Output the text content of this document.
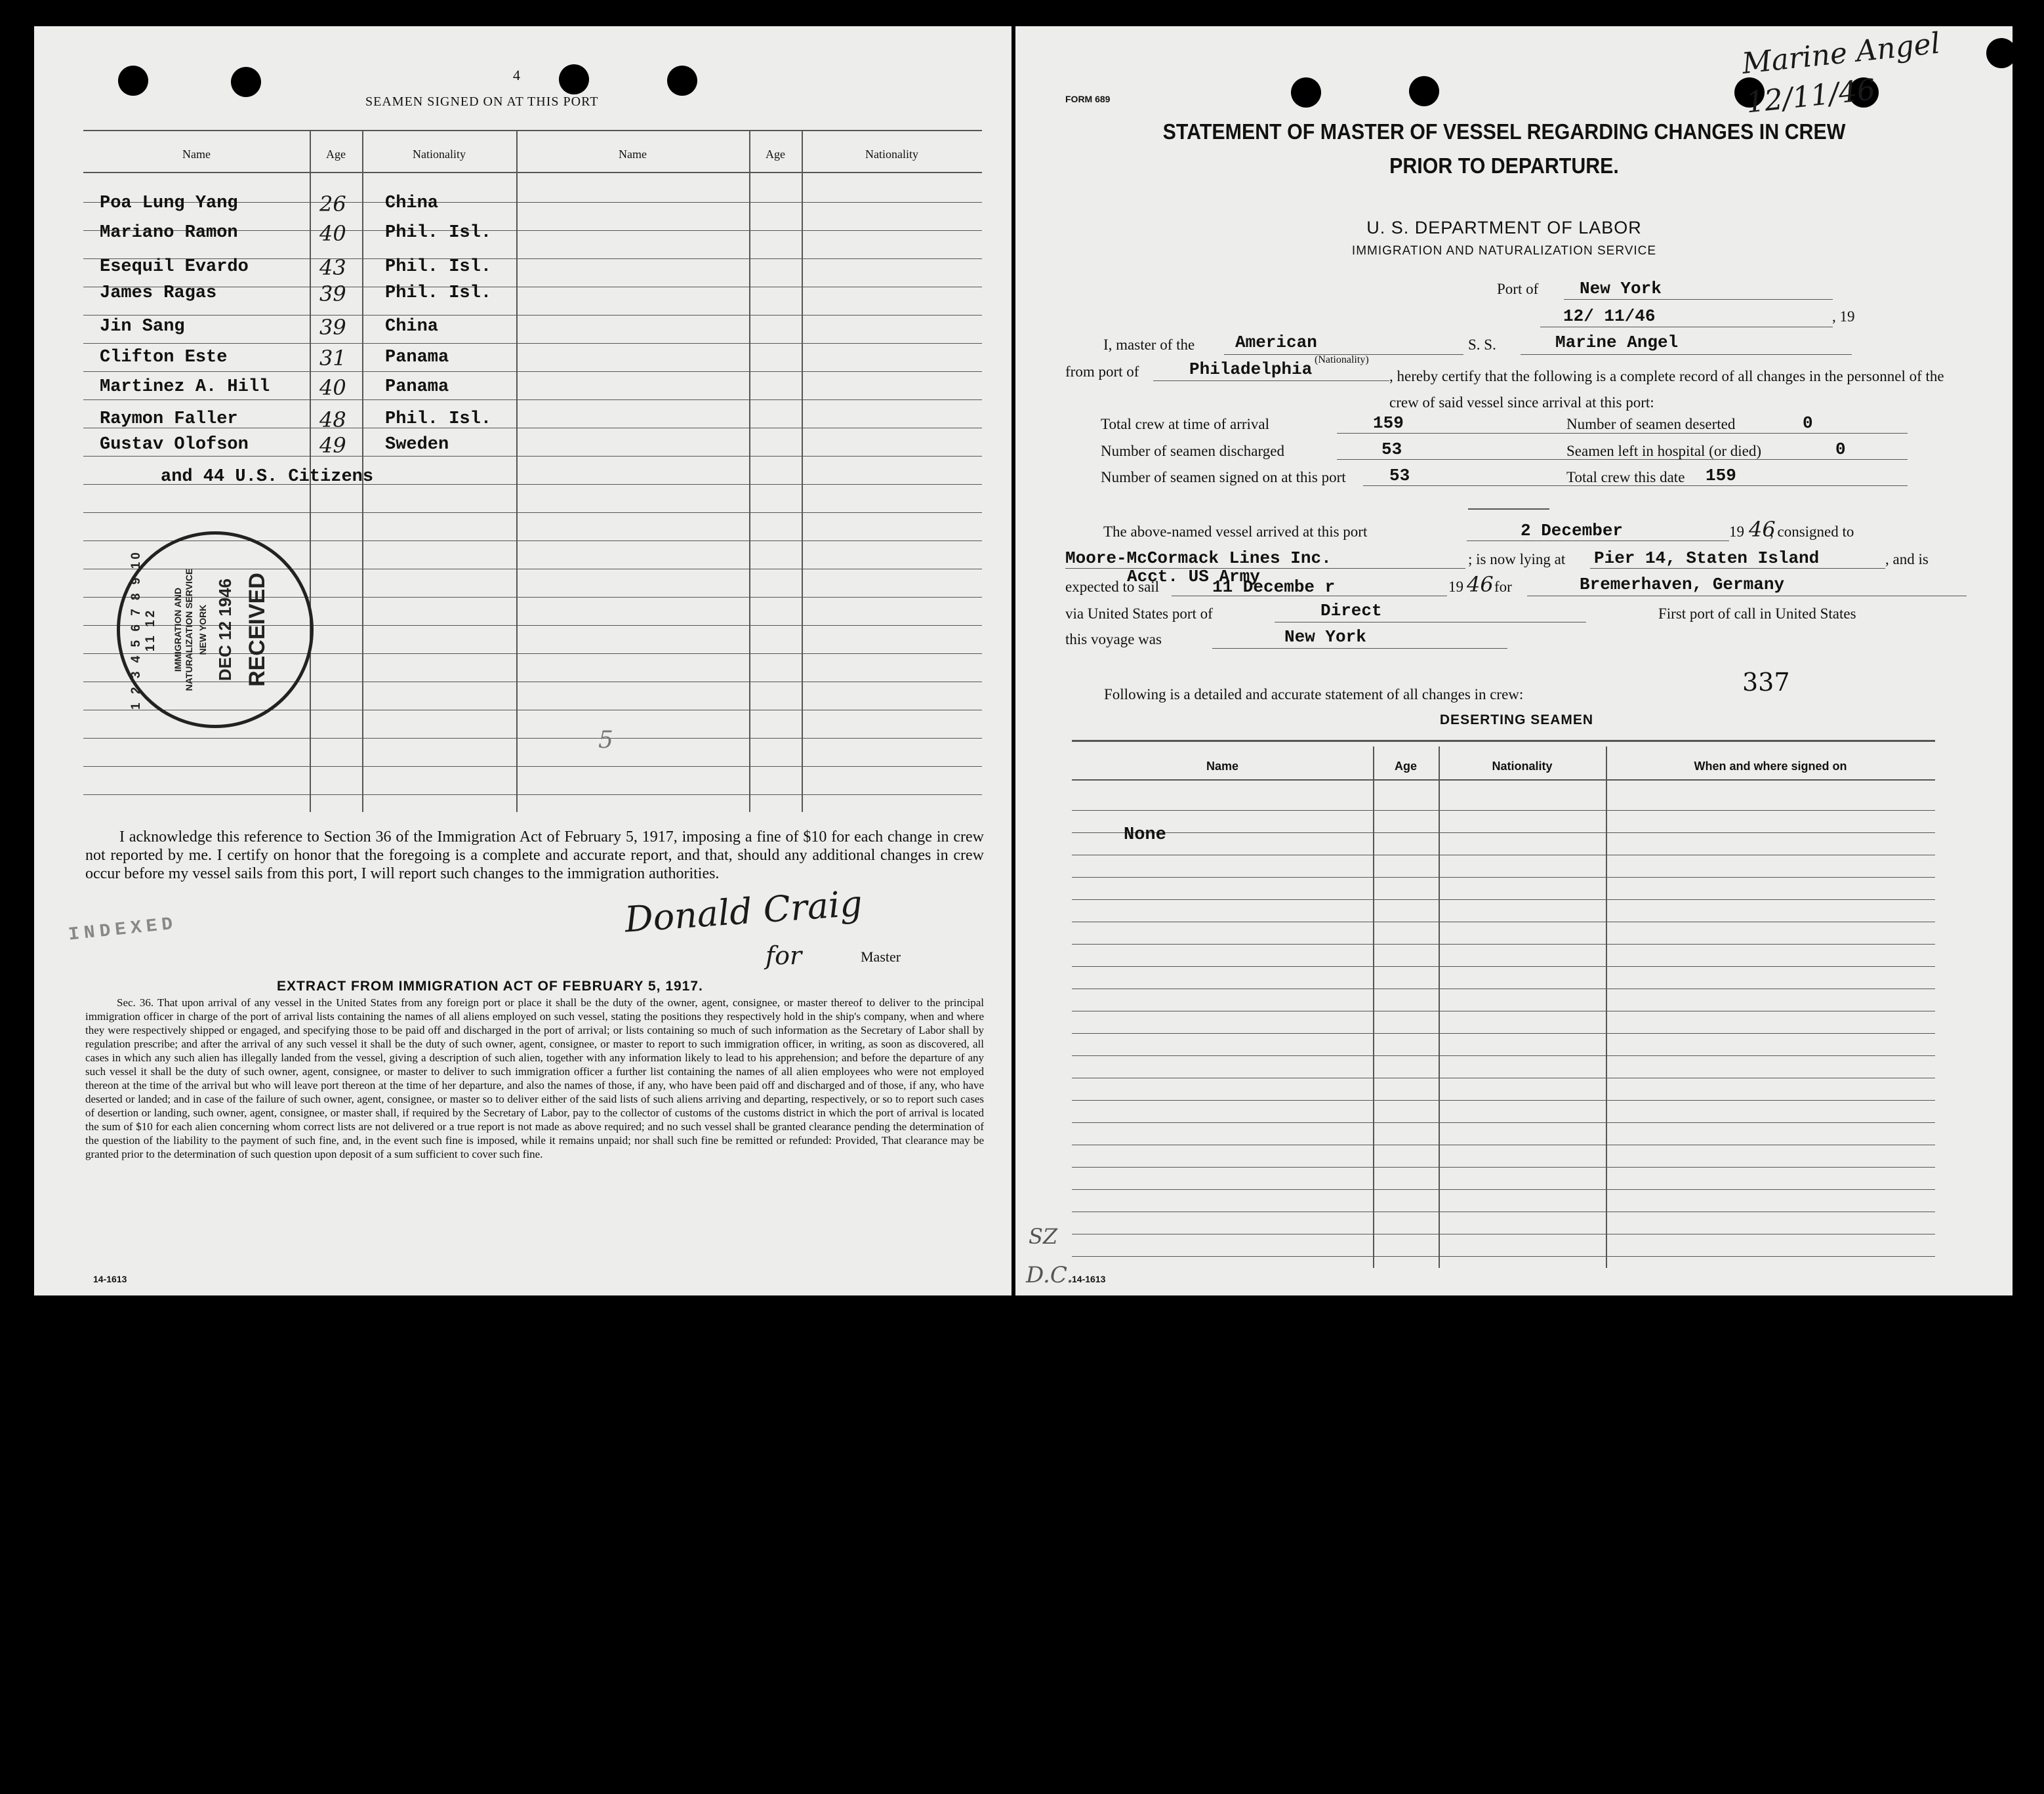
4
SEAMEN SIGNED ON AT THIS PORT
Name	Age	Nationality	Name	Age	Nationality
Poa Lung Yang	26 China
Mariano Ramon	40 Phil. Isl.
Esequil Evardo	43 Phil. Isl.
James Ragas	39 Phil. Isl.
Jin Sang	39 China
Clifton Este	31 Panama
Martinez A. Hill 40 Panama
Raymon Faller	48 Phil. Isl.
Gustav Olofson	49 Sweden
and 44 U.S. Citizens
5
1 2 3 4 5 6 7 8 9 10 11 12 IMMIGRATION AND NATURALIZATION SERVICE NEW YORK DEC 12 1946 RECEIVED
I acknowledge this reference to Section 36 of the Immigration Act of February 5, 1917, imposing a fine of $10 for each change in crew not reported by me. I certify on honor that the foregoing is a complete and accurate report, and that, should any additional changes in crew occur before my vessel sails from this port, I will report such changes to the immigration authorities.
Donald Craig
for	Master
INDEXED
EXTRACT FROM IMMIGRATION ACT OF FEBRUARY 5, 1917.
Sec. 36. That upon arrival of any vessel in the United States from any foreign port or place it shall be the duty of the owner, agent, consignee, or master thereof to deliver to the principal immigration officer in charge of the port of arrival lists containing the names of all aliens employed on such vessel, stating the positions they respectively hold in the ship's company, when and where they were respectively shipped or engaged, and specifying those to be paid off and discharged in the port of arrival; or lists containing so much of such information as the Secretary of Labor shall by regulation prescribe; and after the arrival of any such vessel it shall be the duty of such owner, agent, consignee, or master to report to such immigration officer, in writing, as soon as discovered, all cases in which any such alien has illegally landed from the vessel, giving a description of such alien, together with any information likely to lead to his apprehension; and before the departure of any such vessel it shall be the duty of such owner, agent, consignee, or master to deliver to such immigration officer a further list containing the names of all alien employees who were not employed thereon at the time of the arrival but who will leave port thereon at the time of her departure, and also the names of those, if any, who have been paid off and discharged and of those, if any, who have deserted or landed; and in case of the failure of such owner, agent, consignee, or master so to deliver either of the said lists of such aliens arriving and departing, respectively, or so to report such cases of desertion or landing, such owner, agent, consignee, or master shall, if required by the Secretary of Labor, pay to the collector of customs of the customs district in which the port of arrival is located the sum of $10 for each alien concerning whom correct lists are not delivered or a true report is not made as above required; and no such vessel shall be granted clearance pending the determination of the question of the liability to the payment of such fine, and, in the event such fine is imposed, while it remains unpaid; nor shall such fine be remitted or refunded: Provided, That clearance may be granted prior to the determination of such question upon deposit of a sum sufficient to cover such fine.
14-1613
Marine Angel 12/11/46
FORM 689
STATEMENT OF MASTER OF VESSEL REGARDING CHANGES IN CREW
PRIOR TO DEPARTURE.
U. S. DEPARTMENT OF LABOR
IMMIGRATION AND NATURALIZATION SERVICE
Port of New York
12/ 11/46	, 19
I, master of the American
(Nationality)
S. S.	Marine Angel
from port of	Philadelphia	, hereby certify that the following is a complete record of all changes in the personnel of the crew of said vessel since arrival at this port:
Total crew at time of arrival	159	Number of seamen deserted	0
Number of seamen discharged	53	Seamen left in hospital (or died)	0
Number of seamen signed on at this port	53	Total crew this date 159
The above-named vessel arrived at this port	2 December	19 46
, consigned to
Moore-McCormack Lines Inc.	; is now lying at Pier 14, Staten Island	, and is
Acct. US Army
expected to sail	11 Decembe r	19 46 for	Bremerhaven, Germany
via United States port of	Direct	First port of call in United States
this voyage was	New York
Following is a detailed and accurate statement of all changes in crew:	337
DESERTING SEAMEN
Name	Age	Nationality	When and where signed on
None
SZ
D.C.
14-1613
